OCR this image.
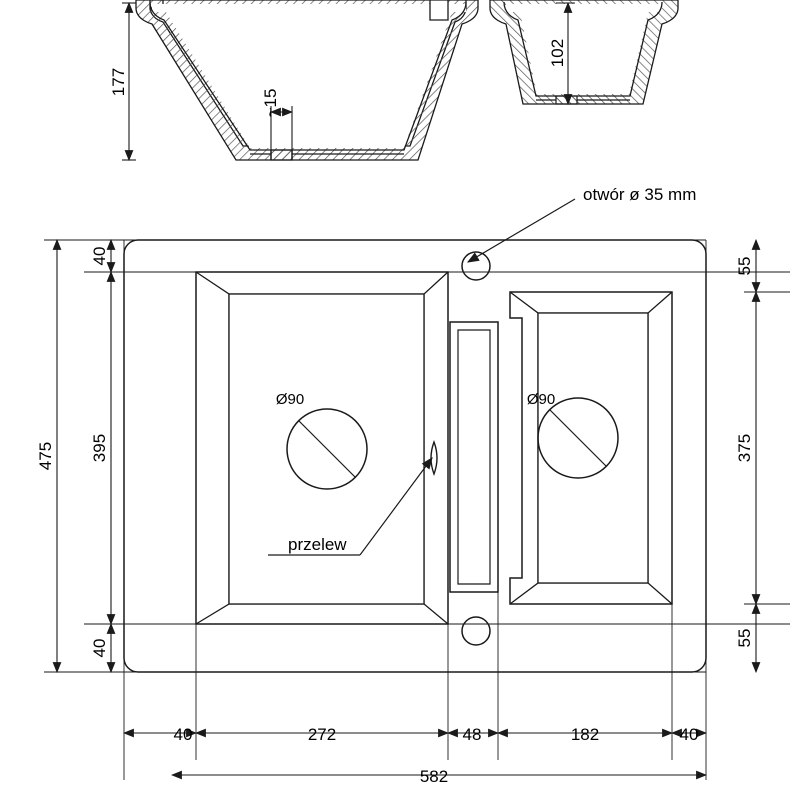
177
102
~15
Ø90	Ø90
otwór ø 35 mm
przelew
475 395
40
40
55
375
55
40	272	48	182	40
582
